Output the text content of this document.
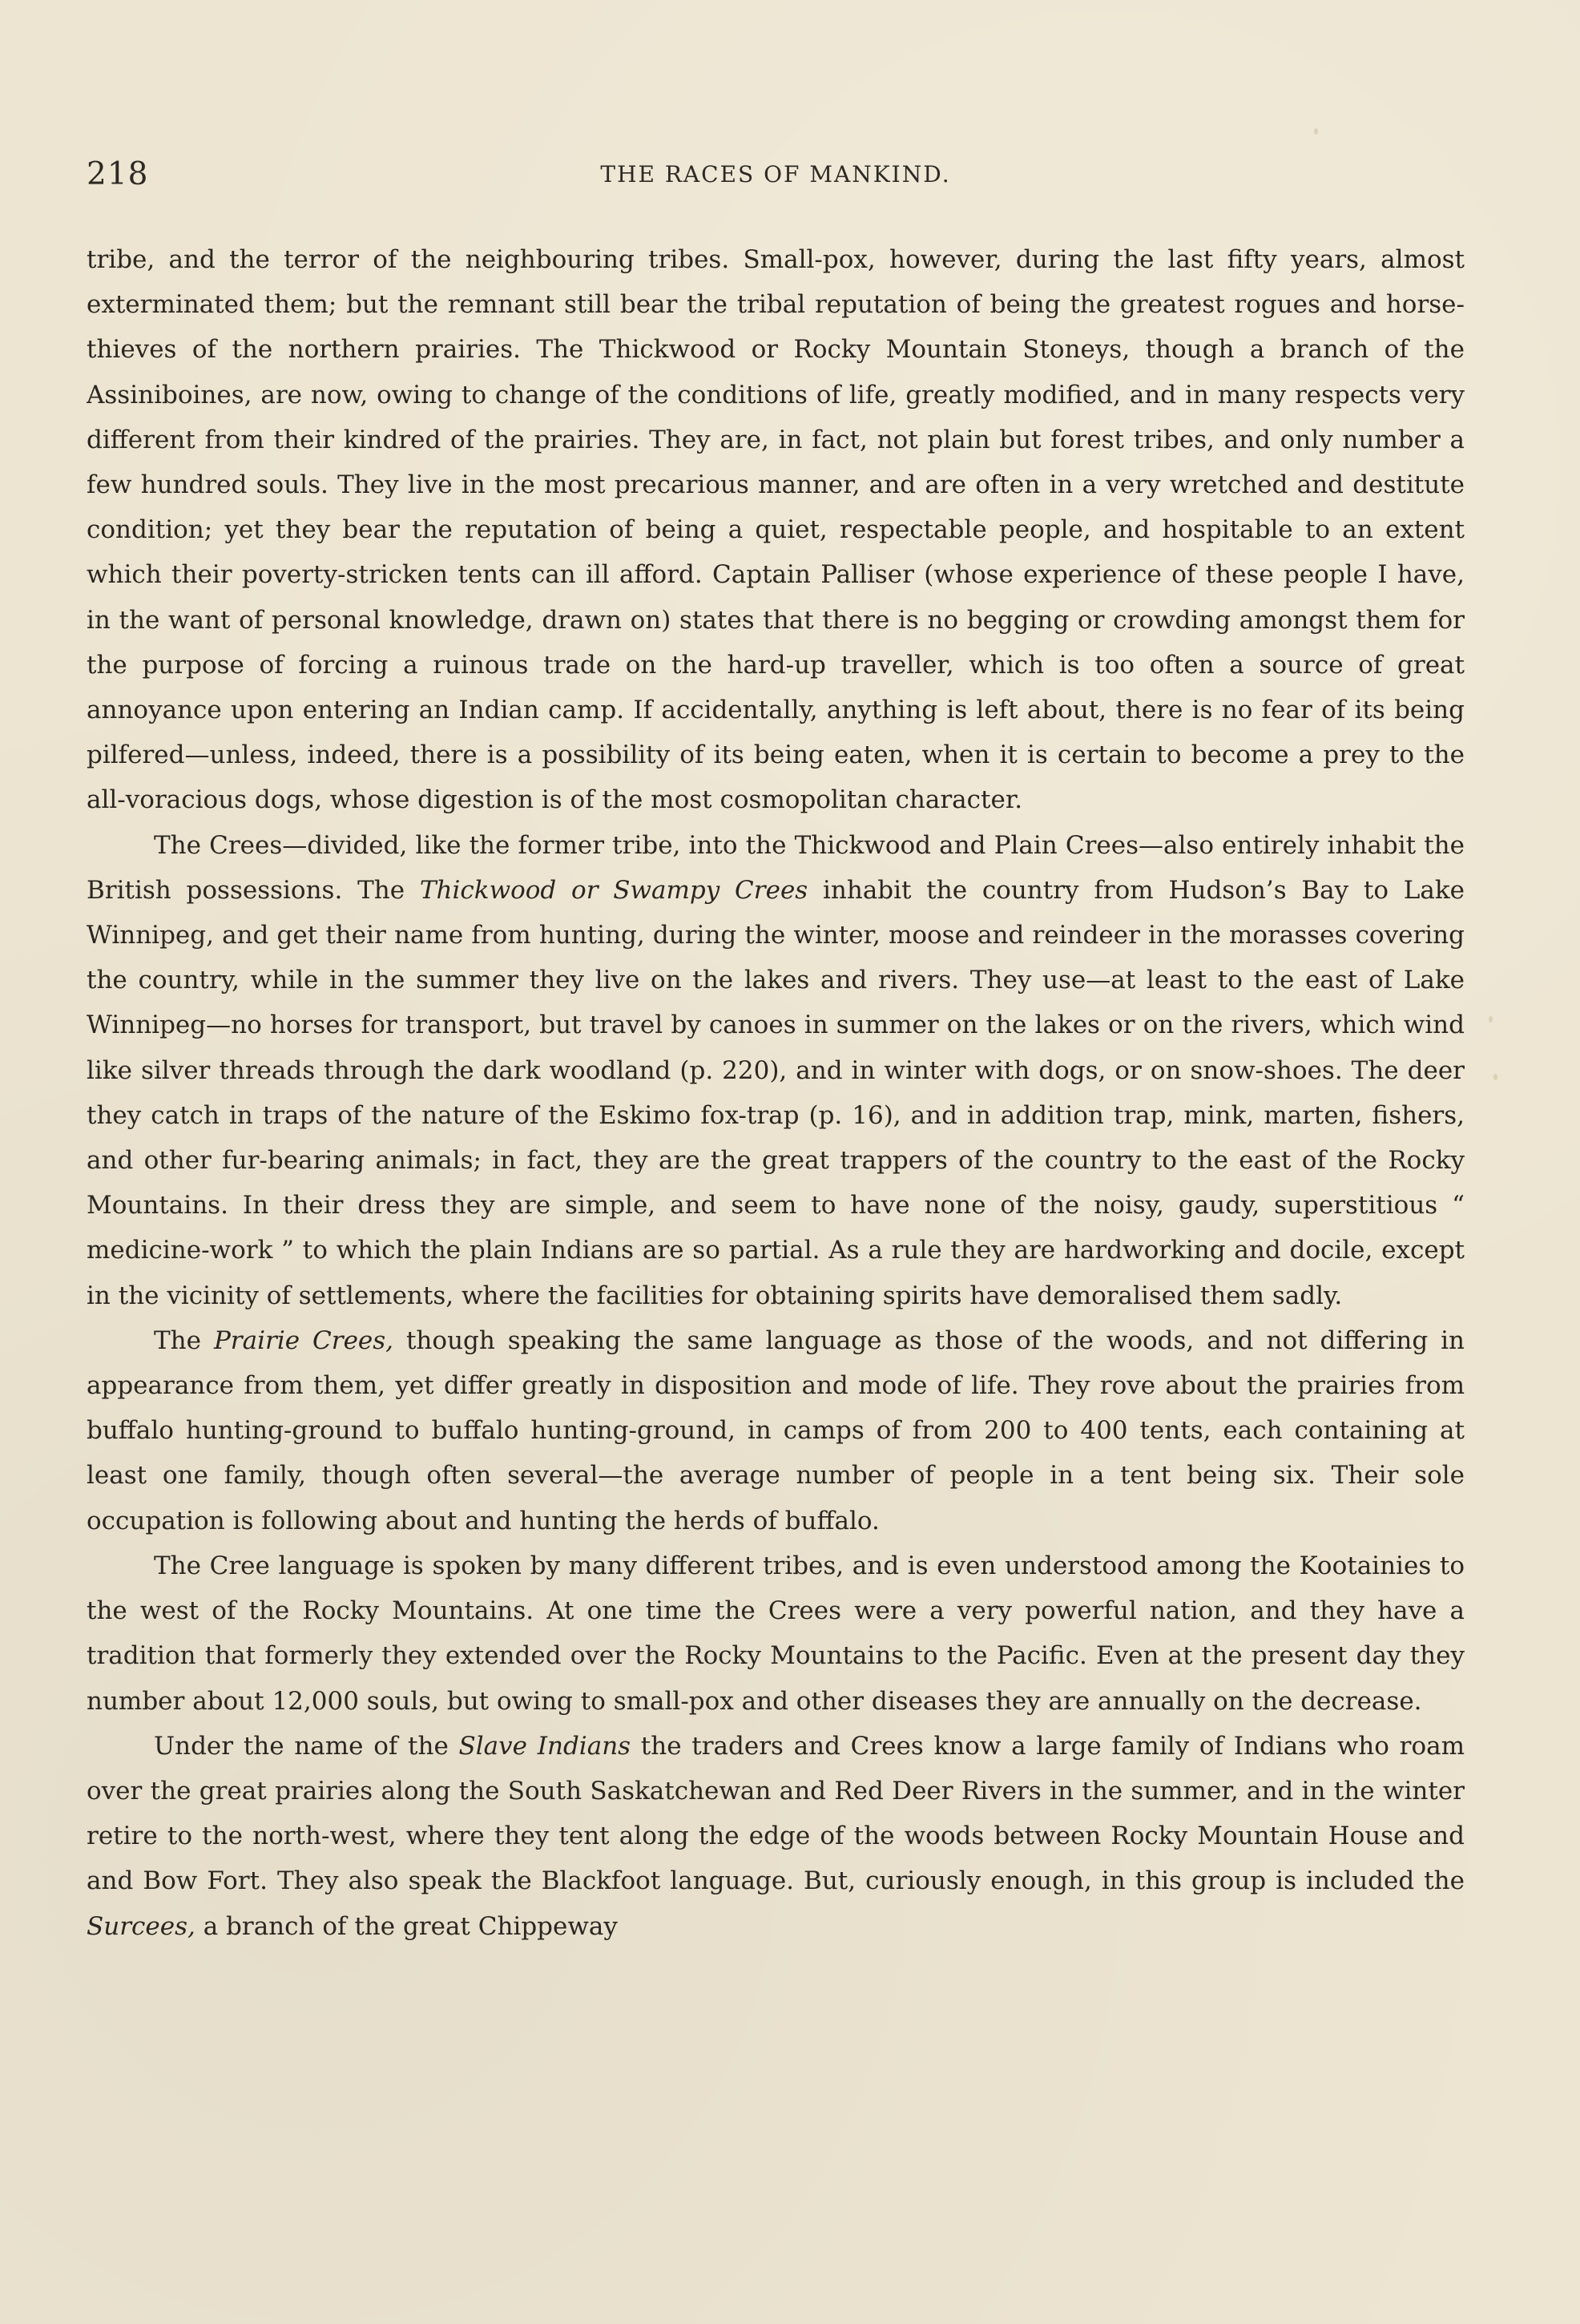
218	THE RACES OF MANKIND.

tribe, and the terror of the neighbouring tribes. Small-pox, however, during the last fifty years, almost exterminated them; but the remnant still bear the tribal reputation of being the greatest rogues and horse-thieves of the northern prairies. The Thickwood or Rocky Mountain Stoneys, though a branch of the Assiniboines, are now, owing to change of the conditions of life, greatly modified, and in many respects very different from their kindred of the prairies. They are, in fact, not plain but forest tribes, and only number a few hundred souls. They live in the most precarious manner, and are often in a very wretched and destitute condition; yet they bear the reputation of being a quiet, respectable people, and hospitable to an extent which their poverty-stricken tents can ill afford. Captain Palliser (whose experience of these people I have, in the want of personal knowledge, drawn on) states that there is no begging or crowding amongst them for the purpose of forcing a ruinous trade on the hard-up traveller, which is too often a source of great annoyance upon entering an Indian camp. If accidentally, anything is left about, there is no fear of its being pilfered—unless, indeed, there is a possibility of its being eaten, when it is certain to become a prey to the all-voracious dogs, whose digestion is of the most cosmopolitan character.

The Crees—divided, like the former tribe, into the Thickwood and Plain Crees—also entirely inhabit the British possessions. The Thickwood or Swampy Crees inhabit the country from Hudson’s Bay to Lake Winnipeg, and get their name from hunting, during the winter, moose and reindeer in the morasses covering the country, while in the summer they live on the lakes and rivers. They use—at least to the east of Lake Winnipeg—no horses for transport, but travel by canoes in summer on the lakes or on the rivers, which wind like silver threads through the dark woodland (p. 220), and in winter with dogs, or on snow-shoes. The deer they catch in traps of the nature of the Eskimo fox-trap (p. 16), and in addition trap, mink, marten, fishers, and other fur-bearing animals; in fact, they are the great trappers of the country to the east of the Rocky Mountains. In their dress they are simple, and seem to have none of the noisy, gaudy, superstitious “ medicine-work ” to which the plain Indians are so partial. As a rule they are hardworking and docile, except in the vicinity of settlements, where the facilities for obtaining spirits have demoralised them sadly.

The Prairie Crees, though speaking the same language as those of the woods, and not differing in appearance from them, yet differ greatly in disposition and mode of life. They rove about the prairies from buffalo hunting-ground to buffalo hunting-ground, in camps of from 200 to 400 tents, each containing at least one family, though often several—the average number of people in a tent being six. Their sole occupation is following about and hunting the herds of buffalo.

The Cree language is spoken by many different tribes, and is even understood among the Kootainies to the west of the Rocky Mountains. At one time the Crees were a very powerful nation, and they have a tradition that formerly they extended over the Rocky Mountains to the Pacific. Even at the present day they number about 12,000 souls, but owing to small-pox and other diseases they are annually on the decrease.

Under the name of the Slave Indians the traders and Crees know a large family of Indians who roam over the great prairies along the South Saskatchewan and Red Deer Rivers in the summer, and in the winter retire to the north-west, where they tent along the edge of the woods between Rocky Mountain House and and Bow Fort. They also speak the Blackfoot language. But, curiously enough, in this group is included the Surcees, a branch of the great Chippeway
